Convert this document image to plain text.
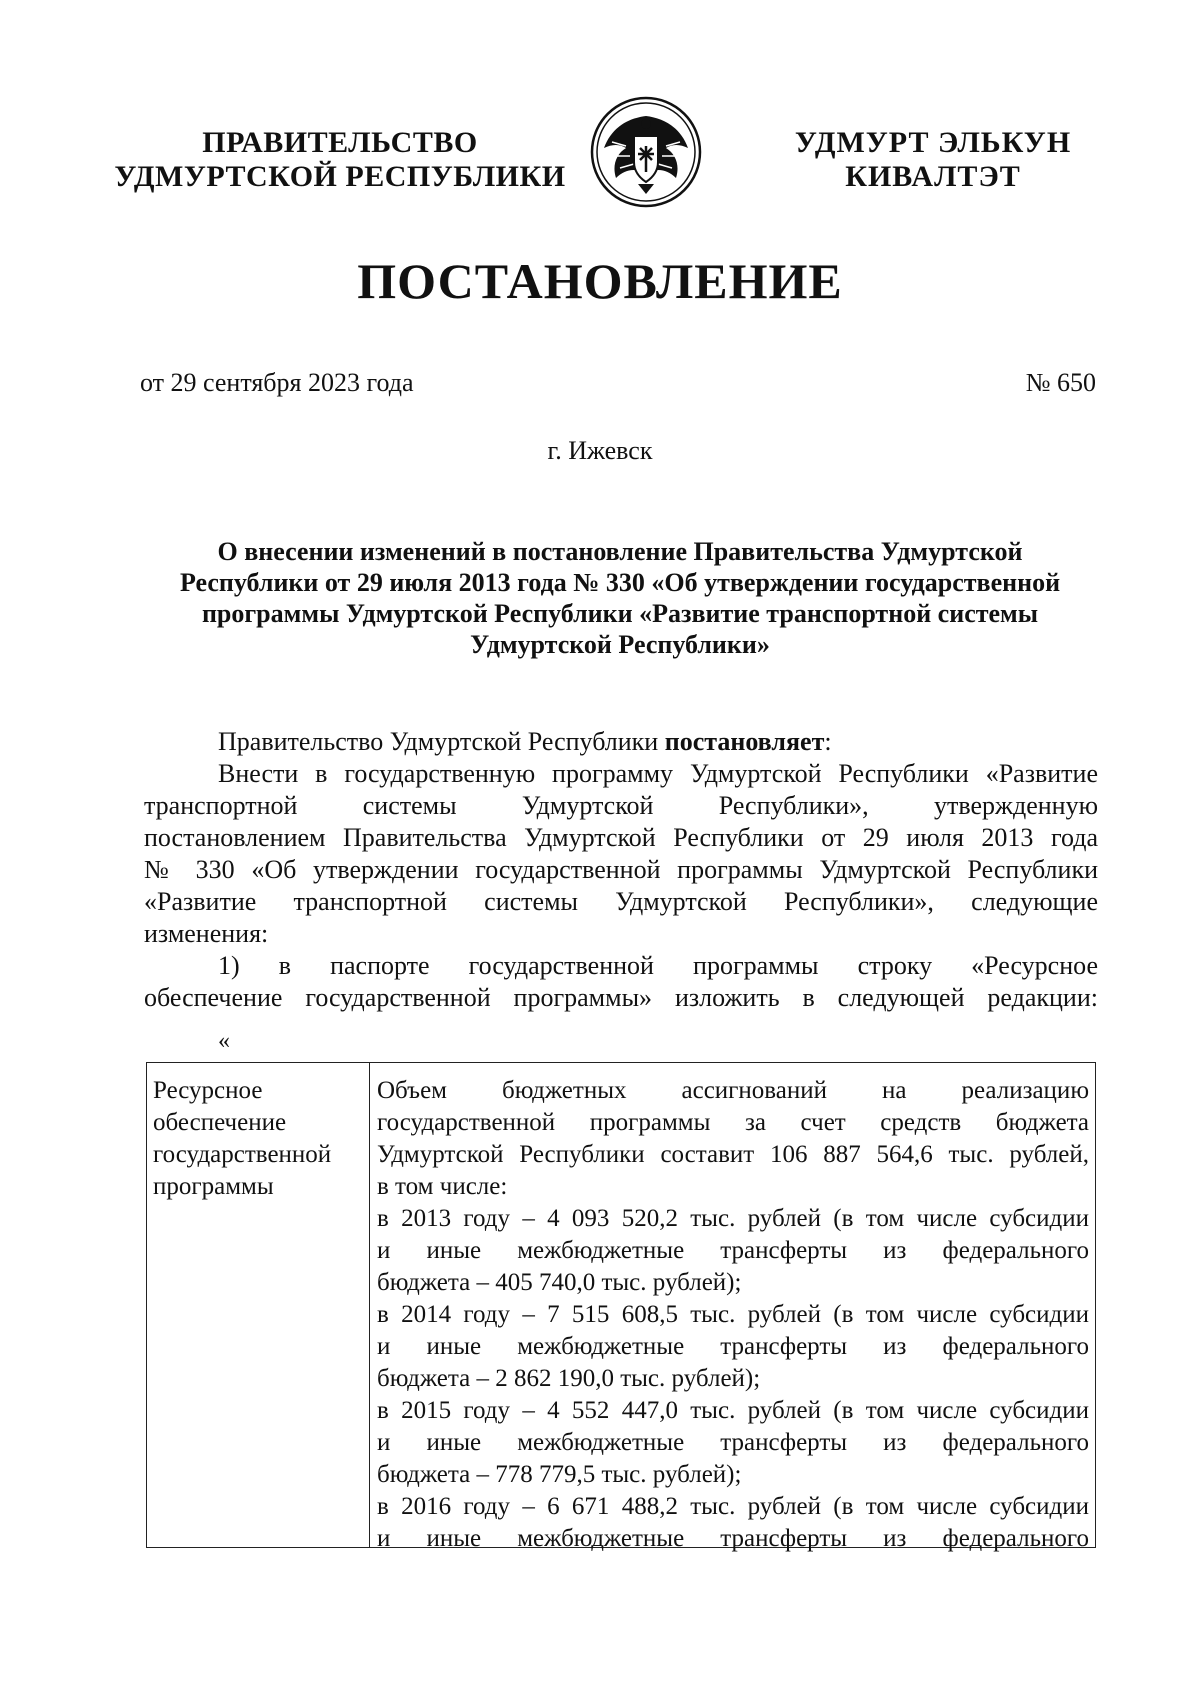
ПРАВИТЕЛЬСТВО
УДМУРТСКОЙ РЕСПУБЛИКИ
УДМУРТ ЭЛЬКУН
КИВАЛТЭТ
ПОСТАНОВЛЕНИЕ
от 29 сентября 2023 года	№ 650
г. Ижевск
О внесении изменений в постановление Правительства Удмуртской
Республики от 29 июля 2013 года № 330 «Об утверждении государственной
программы Удмуртской Республики «Развитие транспортной системы
Удмуртской Республики»
Правительство Удмуртской Республики постановляет:
Внести в государственную программу Удмуртской Республики «Развитие
транспортной системы Удмуртской Республики», утвержденную
постановлением Правительства Удмуртской Республики от 29 июля 2013 года
№ 330 «Об утверждении государственной программы Удмуртской Республики
«Развитие транспортной системы Удмуртской Республики», следующие
изменения:
1) в паспорте государственной программы строку «Ресурсное
обеспечение государственной программы» изложить в следующей редакции:
«
Ресурсное
обеспечение
государственной
программы
Объем бюджетных ассигнований на реализацию
государственной программы за счет средств бюджета
Удмуртской Республики составит 106 887 564,6 тыс. рублей,
в том числе:
в 2013 году – 4 093 520,2 тыс. рублей (в том числе субсидии
и иные межбюджетные трансферты из федерального
бюджета – 405 740,0 тыс. рублей);
в 2014 году – 7 515 608,5 тыс. рублей (в том числе субсидии
и иные межбюджетные трансферты из федерального
бюджета – 2 862 190,0 тыс. рублей);
в 2015 году – 4 552 447,0 тыс. рублей (в том числе субсидии
и иные межбюджетные трансферты из федерального
бюджета – 778 779,5 тыс. рублей);
в 2016 году – 6 671 488,2 тыс. рублей (в том числе субсидии
и иные межбюджетные трансферты из федерального
